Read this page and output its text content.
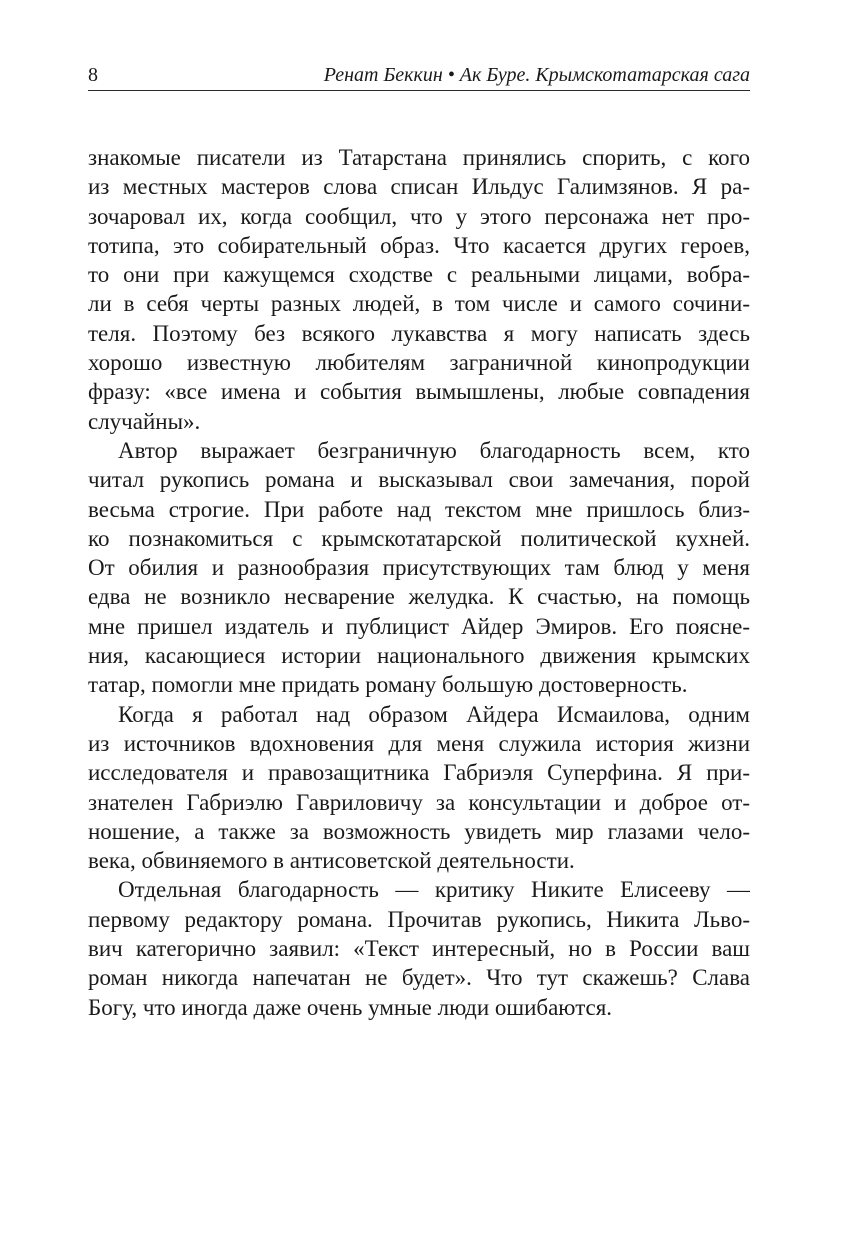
8	Ренат Беккин • Ак Буре. Крымскотатарская сага
знакомые писатели из Татарстана принялись спорить, с кого
из местных мастеров слова списан Ильдус Галимзянов. Я ра-
зочаровал их, когда сообщил, что у этого персонажа нет про-
тотипа, это собирательный образ. Что касается других героев,
то они при кажущемся сходстве с реальными лицами, вобра-
ли в себя черты разных людей, в том числе и самого сочини-
теля. Поэтому без всякого лукавства я могу написать здесь
хорошо известную любителям заграничной кинопродукции
фразу: «все имена и события вымышлены, любые совпадения
случайны».
Автор выражает безграничную благодарность всем, кто
читал рукопись романа и высказывал свои замечания, порой
весьма строгие. При работе над текстом мне пришлось близ-
ко познакомиться с крымскотатарской политической кухней.
От обилия и разнообразия присутствующих там блюд у меня
едва не возникло несварение желудка. К счастью, на помощь
мне пришел издатель и публицист Айдер Эмиров. Его поясне-
ния, касающиеся истории национального движения крымских
татар, помогли мне придать роману большую достоверность.
Когда я работал над образом Айдера Исмаилова, одним
из источников вдохновения для меня служила история жизни
исследователя и правозащитника Габриэля Суперфина. Я при-
знателен Габриэлю Гавриловичу за консультации и доброе от-
ношение, а также за возможность увидеть мир глазами чело-
века, обвиняемого в антисоветской деятельности.
Отдельная благодарность — критику Никите Елисееву —
первому редактору романа. Прочитав рукопись, Никита Льво-
вич категорично заявил: «Текст интересный, но в России ваш
роман никогда напечатан не будет». Что тут скажешь? Слава
Богу, что иногда даже очень умные люди ошибаются.
